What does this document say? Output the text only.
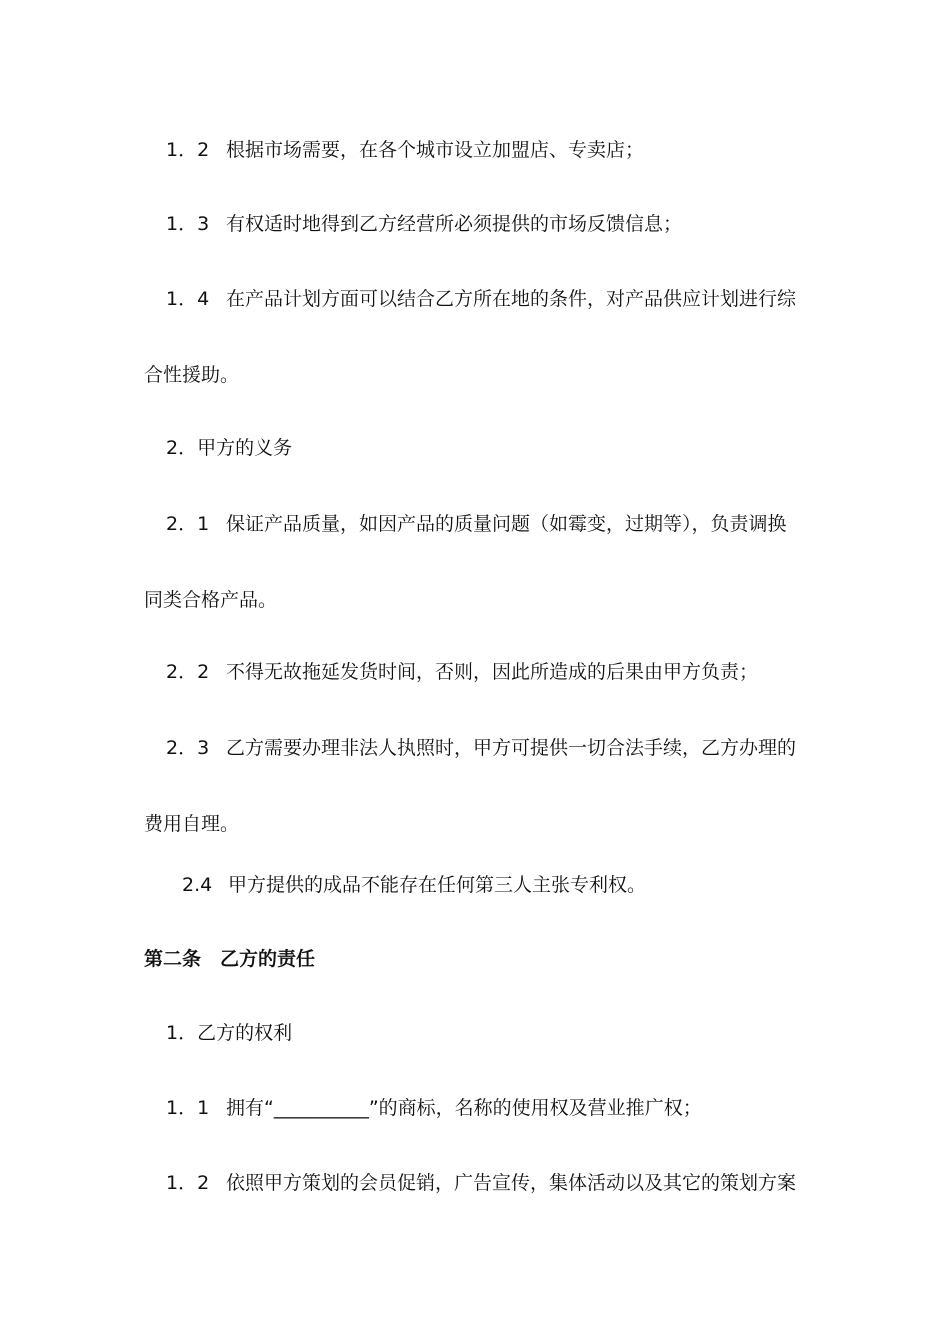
1．2 根据市场需要，在各个城市设立加盟店、专卖店；
1．3 有权适时地得到乙方经营所必须提供的市场反馈信息；
1．4 在产品计划方面可以结合乙方所在地的条件，对产品供应计划进行综
合性援助。
2．甲方的义务
2．1 保证产品质量，如因产品的质量问题（如霉变，过期等），负责调换
同类合格产品。
2．2 不得无故拖延发货时间，否则，因此所造成的后果由甲方负责；
2．3 乙方需要办理非法人执照时，甲方可提供一切合法手续，乙方办理的
费用自理。
2.4 甲方提供的成品不能存在任何第三人主张专利权。
第二条　乙方的责任
1．乙方的权利
1．1 拥有“__________”的商标，名称的使用权及营业推广权；
1．2 依照甲方策划的会员促销，广告宣传，集体活动以及其它的策划方案
